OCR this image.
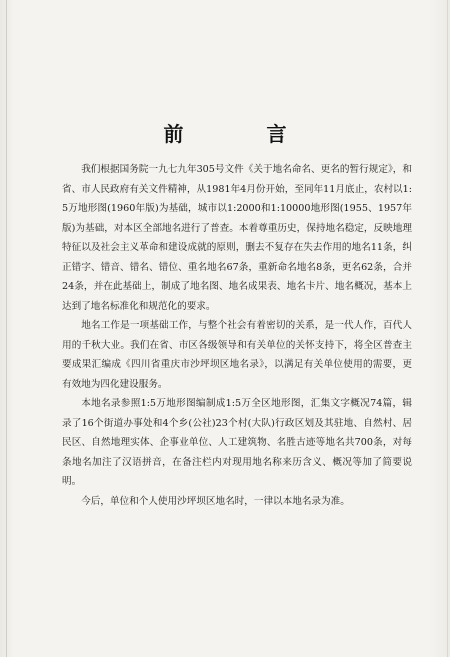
前 言

我们根据国务院一九七九年305号文件《关于地名命名、更名的暂行规定》，和省、市人民政府有关文件精神，从1981年4月份开始，至同年11月底止，农村以1:5万地形图(1960年版)为基础，城市以1:2000和1:10000地形图(1955、1957年版)为基础，对本区全部地名进行了普查。本着尊重历史，保持地名稳定，反映地理特征以及社会主义革命和建设成就的原则，删去不复存在失去作用的地名11条，纠正错字、错音、错名、错位、重名地名67条，重新命名地名8条，更名62条，合并24条，并在此基础上，制成了地名图、地名成果表、地名卡片、地名概况，基本上达到了地名标准化和规范化的要求。

地名工作是一项基础工作，与整个社会有着密切的关系，是一代人作，百代人用的千秋大业。我们在省、市区各级领导和有关单位的关怀支持下，将全区普查主要成果汇编成《四川省重庆市沙坪坝区地名录》，以满足有关单位使用的需要，更有效地为四化建设服务。

本地名录参照1:5万地形图编制成1:5万全区地形图，汇集文字概况74篇，辑录了16个街道办事处和4个乡(公社)23个村(大队)行政区划及其驻地、自然村、居民区、自然地理实体、企事业单位、人工建筑物、名胜古迹等地名共700条，对每条地名加注了汉语拼音，在备注栏内对现用地名称来历含义、概况等加了简要说明。

今后，单位和个人使用沙坪坝区地名时，一律以本地名录为准。
